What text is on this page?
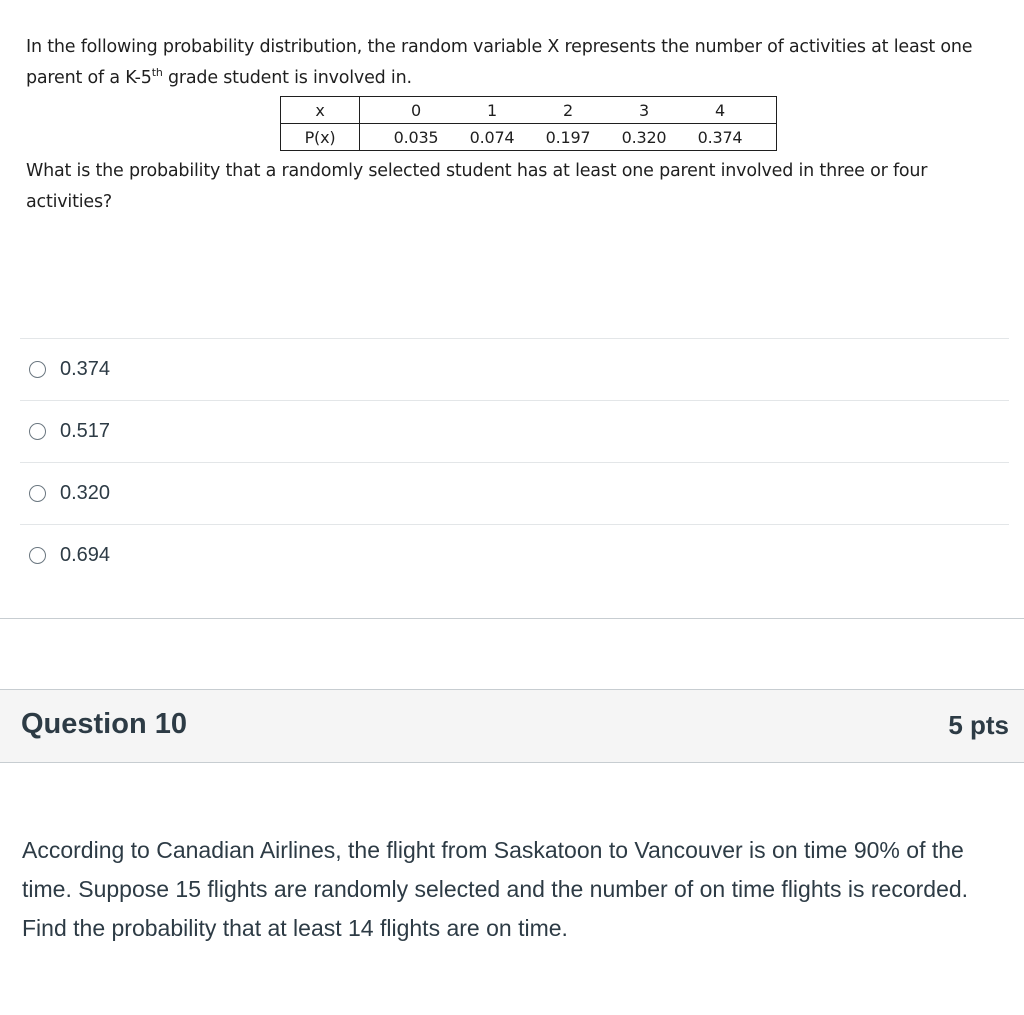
In the following probability distribution, the random variable X represents the number of activities at least one parent of a K-5th grade student is involved in.

x	0 1 2 3 4

P(x)	0.035 0.074 0.197 0.320 0.374

What is the probability that a randomly selected student has at least one parent involved in three or four activities?

0.374
0.517
0.320
0.694
Question 10	5 pts

According to Canadian Airlines, the flight from Saskatoon to Vancouver is on time 90% of the time. Suppose 15 flights are randomly selected and the number of on time flights is recorded. Find the probability that at least 14 flights are on time.
